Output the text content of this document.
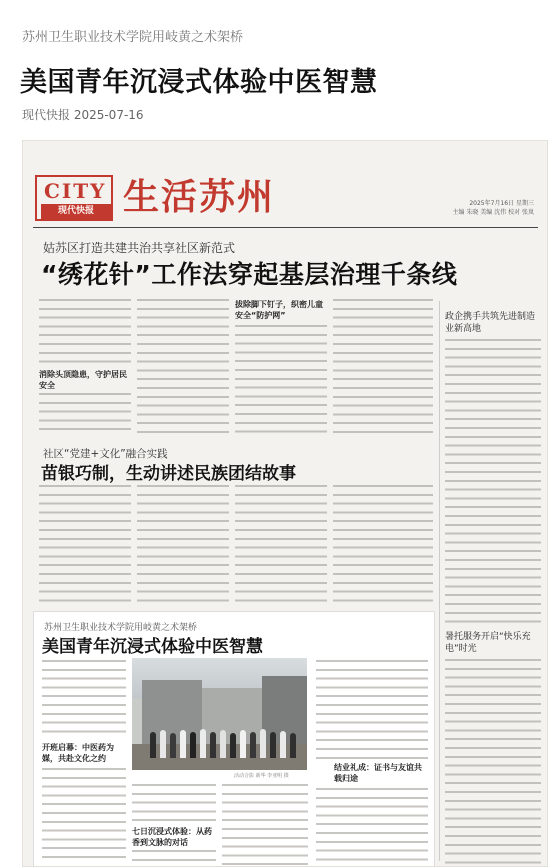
苏州卫生职业技术学院用岐黄之术架桥
美国青年沉浸式体验中医智慧
现代快报 2025-07-16
CITY
现代快报 生活苏州	2025年7月16日 星期三
主编 朱晓 美编 沈伟 校对 张岚
姑苏区打造共建共治共享社区新范式
“绣花针”工作法穿起基层治理千条线
消除头顶隐患，守护居民安全
拔除脚下钉子，织密儿童安全“防护网”
社区“党建+文化”融合实践
苗银巧制，生动讲述民族团结故事
政企携手共筑先进制造业新高地
暑托服务开启“快乐充电”时光
苏州卫生职业技术学院用岐黄之术架桥
美国青年沉浸式体验中医智慧
开班启幕：中医药为媒，共赴文化之约
活动合影 新华 李亚明 摄
七日沉浸式体验：从药香到文脉的对话
结业礼成：证书与友谊共载归途
